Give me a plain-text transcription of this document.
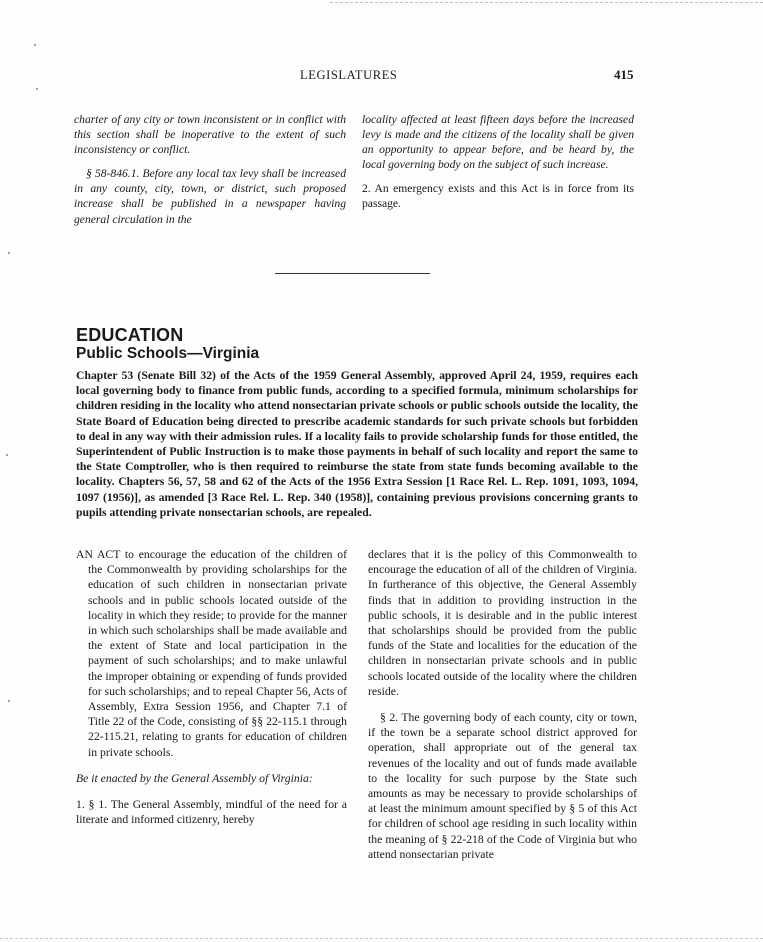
LEGISLATURES	415

charter of any city or town inconsistent or in conflict with this section shall be inoperative to the extent of such inconsistency or conflict.

§ 58-846.1. Before any local tax levy shall be increased in any county, city, town, or district, such proposed increase shall be published in a newspaper having general circulation in the

locality affected at least fifteen days before the increased levy is made and the citizens of the locality shall be given an opportunity to appear before, and be heard by, the local governing body on the subject of such increase.

2. An emergency exists and this Act is in force from its passage.

EDUCATION
Public Schools—Virginia

Chapter 53 (Senate Bill 32) of the Acts of the 1959 General Assembly, approved April 24, 1959, requires each local governing body to finance from public funds, according to a specified formula, minimum scholarships for children residing in the locality who attend nonsectarian private schools or public schools outside the locality, the State Board of Education being directed to prescribe academic standards for such private schools but forbidden to deal in any way with their admission rules. If a locality fails to provide scholarship funds for those entitled, the Superintendent of Public Instruction is to make those payments in behalf of such locality and report the same to the State Comptroller, who is then required to reimburse the state from state funds becoming available to the locality. Chapters 56, 57, 58 and 62 of the Acts of the 1956 Extra Session [1 Race Rel. L. Rep. 1091, 1093, 1094, 1097 (1956)], as amended [3 Race Rel. L. Rep. 340 (1958)], containing previous provisions concerning grants to pupils attending private nonsectarian schools, are repealed.

AN ACT to encourage the education of the children of the Commonwealth by providing scholarships for the education of such children in nonsectarian private schools and in public schools located outside of the locality in which they reside; to provide for the manner in which such scholarships shall be made available and the extent of State and local participation in the payment of such scholarships; and to make unlawful the improper obtaining or expending of funds provided for such scholarships; and to repeal Chapter 56, Acts of Assembly, Extra Session 1956, and Chapter 7.1 of Title 22 of the Code, consisting of §§ 22-115.1 through 22-115.21, relating to grants for education of children in private schools.

Be it enacted by the General Assembly of Virginia:

1. § 1. The General Assembly, mindful of the need for a literate and informed citizenry, hereby

declares that it is the policy of this Commonwealth to encourage the education of all of the children of Virginia. In furtherance of this objective, the General Assembly finds that in addition to providing instruction in the public schools, it is desirable and in the public interest that scholarships should be provided from the public funds of the State and localities for the education of the children in nonsectarian private schools and in public schools located outside of the locality where the children reside.

§ 2. The governing body of each county, city or town, if the town be a separate school district approved for operation, shall appropriate out of the general tax revenues of the locality and out of funds made available to the locality for such purpose by the State such amounts as may be necessary to provide scholarships of at least the minimum amount specified by § 5 of this Act for children of school age residing in such locality within the meaning of § 22-218 of the Code of Virginia but who attend nonsectarian private
